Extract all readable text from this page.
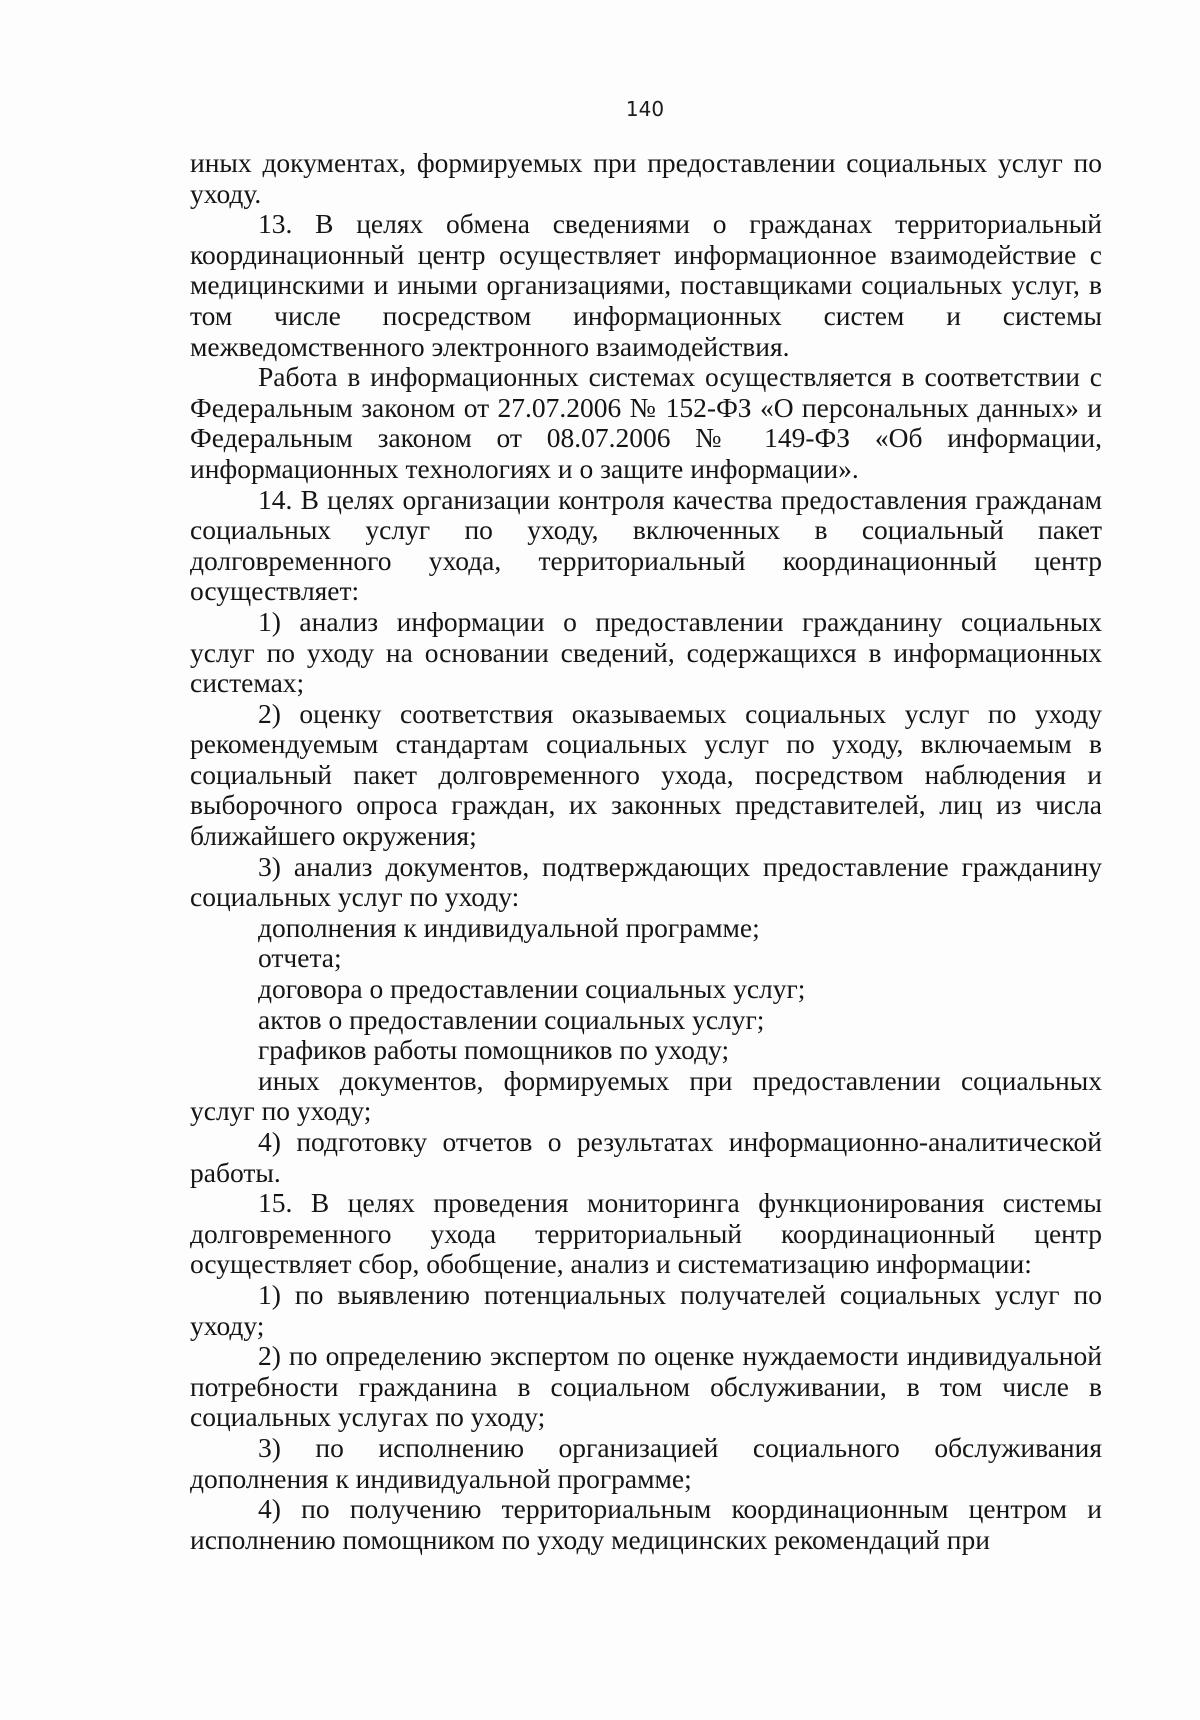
140

иных документах, формируемых при предоставлении социальных услуг по уходу.

13. В целях обмена сведениями о гражданах территориальный координационный центр осуществляет информационное взаимодействие с медицинскими и иными организациями, поставщиками социальных услуг, в том числе посредством информационных систем и системы межведомственного электронного взаимодействия.

Работа в информационных системах осуществляется в соответствии с Федеральным законом от 27.07.2006 № 152-ФЗ «О персональных данных» и Федеральным законом от 08.07.2006 № 149-ФЗ «Об информации, информационных технологиях и о защите информации».

14. В целях организации контроля качества предоставления гражданам социальных услуг по уходу, включенных в социальный пакет долговременного ухода, территориальный координационный центр осуществляет:

1) анализ информации о предоставлении гражданину социальных услуг по уходу на основании сведений, содержащихся в информационных системах;

2) оценку соответствия оказываемых социальных услуг по уходу рекомендуемым стандартам социальных услуг по уходу, включаемым в социальный пакет долговременного ухода, посредством наблюдения и выборочного опроса граждан, их законных представителей, лиц из числа ближайшего окружения;

3) анализ документов, подтверждающих предоставление гражданину социальных услуг по уходу:

дополнения к индивидуальной программе;

отчета;

договора о предоставлении социальных услуг;

актов о предоставлении социальных услуг;

графиков работы помощников по уходу;

иных документов, формируемых при предоставлении социальных услуг по уходу;

4) подготовку отчетов о результатах информационно-аналитической работы.

15. В целях проведения мониторинга функционирования системы долговременного ухода территориальный координационный центр осуществляет сбор, обобщение, анализ и систематизацию информации:

1) по выявлению потенциальных получателей социальных услуг по уходу;

2) по определению экспертом по оценке нуждаемости индивидуальной потребности гражданина в социальном обслуживании, в том числе в социальных услугах по уходу;

3) по исполнению организацией социального обслуживания дополнения к индивидуальной программе;

4) по получению территориальным координационным центром и исполнению помощником по уходу медицинских рекомендаций при
